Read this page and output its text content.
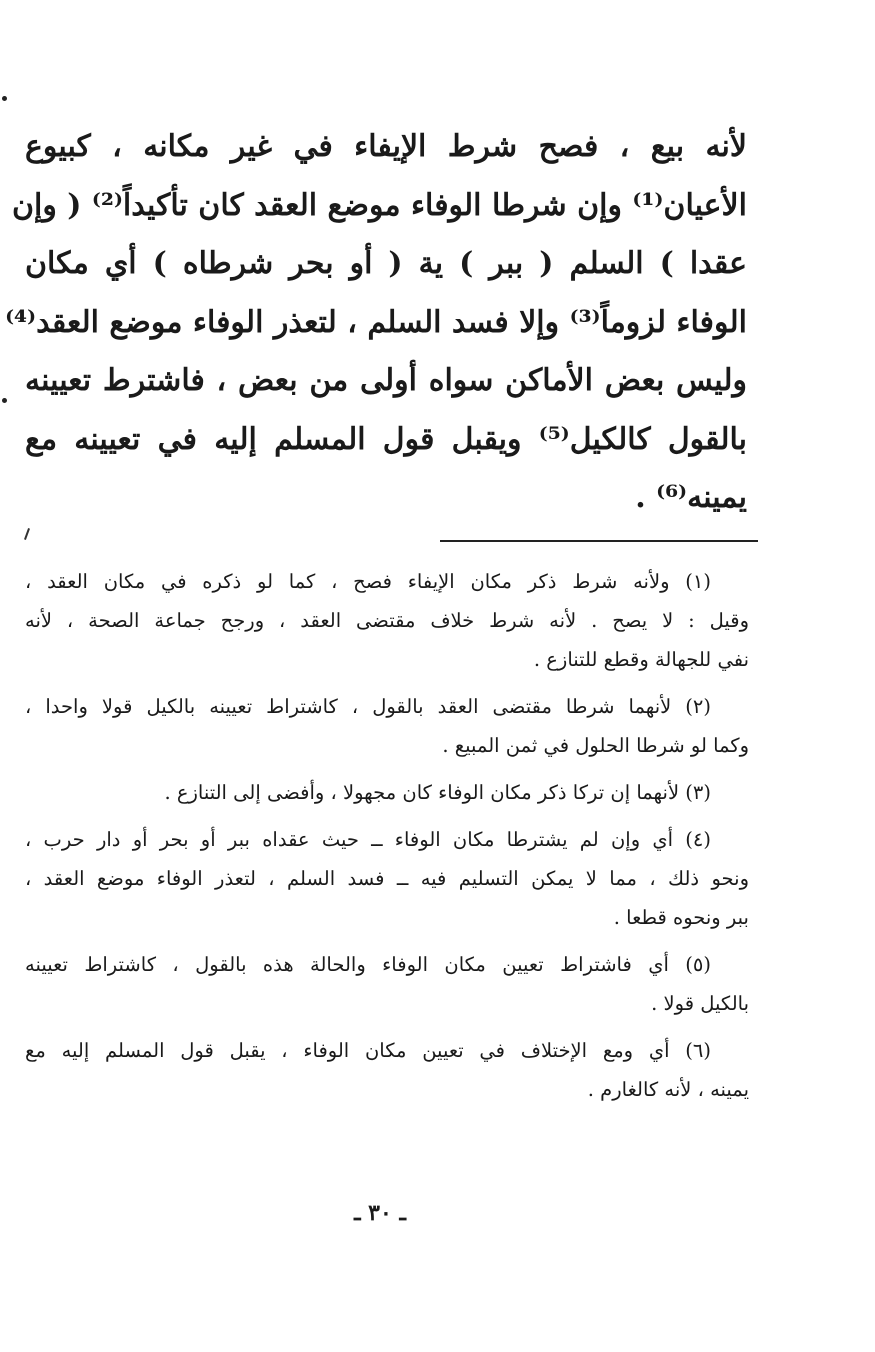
لأنه بيع ، فصح شرط الإيفاء في غير مكانه ، كبيوع
الأعيان⁽¹⁾ وإن شرطا الوفاء موضع العقد كان تأكيداً⁽²⁾ ( وإن
عقدا ) السلم ( ببر ) ية ( أو بحر شرطاه ) أي مكان
الوفاء لزوماً⁽³⁾ وإلا فسد السلم ، لتعذر الوفاء موضع العقد⁽⁴⁾
وليس بعض الأماكن سواه أولى من بعض ، فاشترط تعيينه
بالقول كالكيل⁽⁵⁾ ويقبل قول المسلم إليه في تعيينه مع
يمينه⁽⁶⁾ .
(١) ولأنه شرط ذكر مكان الإيفاء فصح ، كما لو ذكره في مكان العقد ،
وقيل : لا يصح . لأنه شرط خلاف مقتضى العقد ، ورجح جماعة الصحة ، لأنه
نفي للجهالة وقطع للتنازع .
(٢) لأنهما شرطا مقتضى العقد بالقول ، كاشتراط تعيينه بالكيل قولا واحدا ،
وكما لو شرطا الحلول في ثمن المبيع .
(٣) لأنهما إن تركا ذكر مكان الوفاء كان مجهولا ، وأفضى إلى التنازع .
(٤) أي وإن لم يشترطا مكان الوفاء ــ حيث عقداه ببر أو بحر أو دار حرب ،
ونحو ذلك ، مما لا يمكن التسليم فيه ــ فسد السلم ، لتعذر الوفاء موضع العقد ،
ببر ونحوه قطعا .
(٥) أي فاشتراط تعيين مكان الوفاء والحالة هذه بالقول ، كاشتراط تعيينه
بالكيل قولا .
(٦) أي ومع الإختلاف في تعيين مكان الوفاء ، يقبل قول المسلم إليه مع
يمينه ، لأنه كالغارم .
ـ ٣٠ ـ
